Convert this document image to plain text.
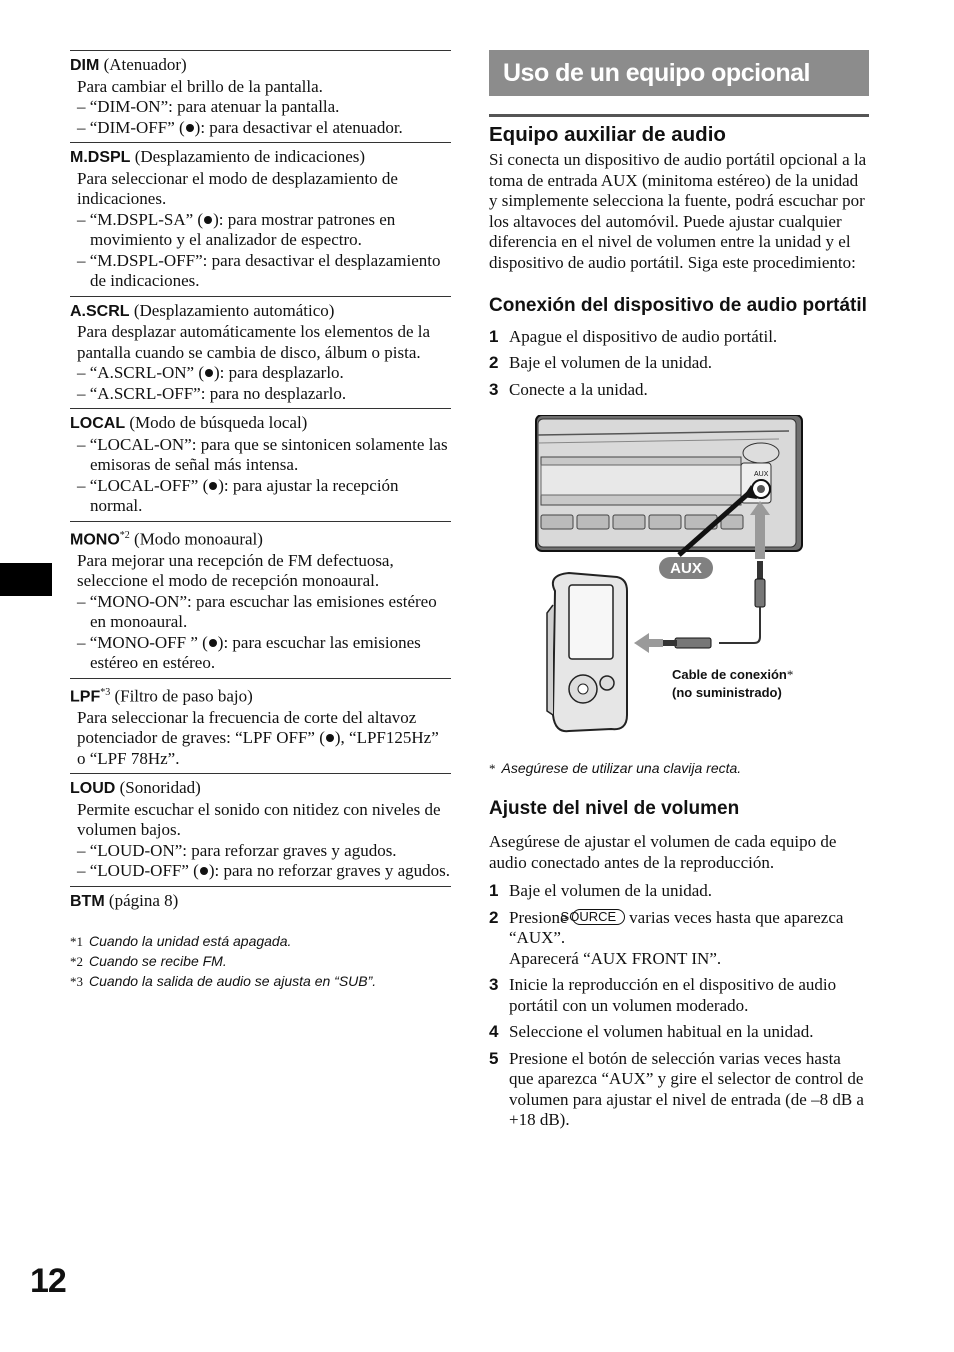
DIM (Atenuador)
Para cambiar el brillo de la pantalla.
– “DIM-ON”: para atenuar la pantalla.
– “DIM-OFF” ( ): para desactivar el atenuador.
M.DSPL (Desplazamiento de indicaciones)
Para seleccionar el modo de desplazamiento de indicaciones.
– “M.DSPL-SA” ( ): para mostrar patrones en movimiento y el analizador de espectro.
– “M.DSPL-OFF”: para desactivar el desplazamiento de indicaciones.
A.SCRL (Desplazamiento automático)
Para desplazar automáticamente los elementos de la pantalla cuando se cambia de disco, álbum o pista.
– “A.SCRL-ON” ( ): para desplazarlo.
– “A.SCRL-OFF”: para no desplazarlo.
LOCAL (Modo de búsqueda local)
– “LOCAL-ON”: para que se sintonicen solamente las emisoras de señal más intensa.
– “LOCAL-OFF” ( ): para ajustar la recepción normal.
MONO$^{*2}$ (Modo monoaural)
Para mejorar una recepción de FM defectuosa, seleccione el modo de recepción monoaural.
– “MONO-ON”: para escuchar las emisiones estéreo en monoaural.
– “MONO-OFF ” ( ): para escuchar las emisiones estéreo en estéreo.
LPF$^{*3}$ (Filtro de paso bajo)
Para seleccionar la frecuencia de corte del altavoz potenciador de graves: “LPF OFF” ( ), “LPF125Hz” o “LPF 78Hz”.
LOUD (Sonoridad)
Permite escuchar el sonido con nitidez con niveles de volumen bajos.
– “LOUD-ON”: para reforzar graves y agudos.
– “LOUD-OFF” ( ): para no reforzar graves y agudos.
BTM (página 8)
*1 Cuando la unidad está apagada.
*2 Cuando se recibe FM.
*3 Cuando la salida de audio se ajusta en “SUB”.
12
Uso de un equipo opcional
Equipo auxiliar de audio

Si conecta un dispositivo de audio portátil opcional a la toma de entrada AUX (minitoma estéreo) de la unidad y simplemente selecciona la fuente, podrá escuchar por los altavoces del automóvil. Puede ajustar cualquier diferencia en el nivel de volumen entre la unidad y el dispositivo de audio portátil. Siga este procedimiento:

Conexión del dispositivo de audio portátil
1 Apague el dispositivo de audio portátil.
2 Baje el volumen de la unidad.
3 Conecte a la unidad.
AUX
AUX
Cable de conexión*
(no suministrado)
* Asegúrese de utilizar una clavija recta.
Ajuste del nivel de volumen

Asegúrese de ajustar el volumen de cada equipo de audio conectado antes de la reproducción.

1 Baje el volumen de la unidad.
2 PresioneSOURCE varias veces hasta que aparezca “AUX”.
Aparecerá “AUX FRONT IN”.
3 Inicie la reproducción en el dispositivo de audio portátil con un volumen moderado.
4 Seleccione el volumen habitual en la unidad.
5 Presione el botón de selección varias veces hasta que aparezca “AUX” y gire el selector de control de volumen para ajustar el nivel de entrada (de –8 dB a +18 dB).
